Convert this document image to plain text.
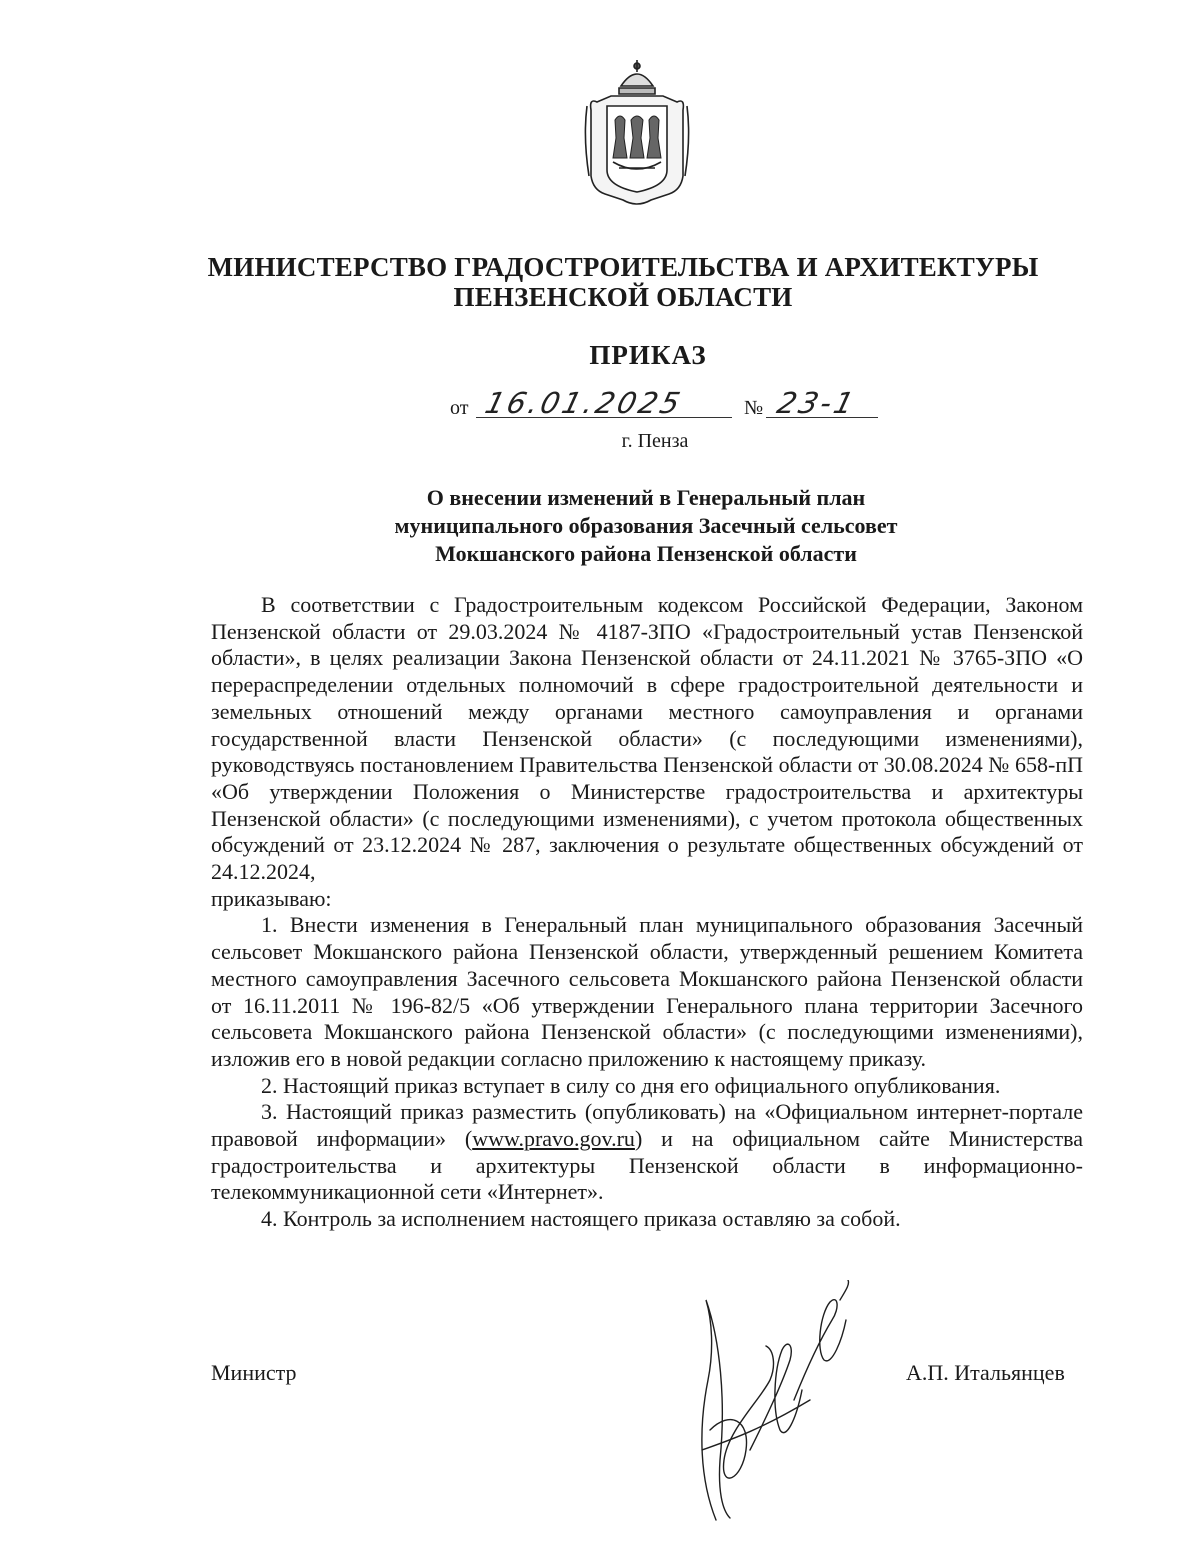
МИНИСТЕРСТВО ГРАДОСТРОИТЕЛЬСТВА И АРХИТЕКТУРЫ
ПЕНЗЕНСКОЙ ОБЛАСТИ
ПРИКАЗ
от 16.01.2025	№ 23-1
г. Пенза
О внесении изменений в Генеральный план
муниципального образования Засечный сельсовет
Мокшанского района Пензенской области

В соответствии с Градостроительным кодексом Российской Федерации, Законом Пензенской области от 29.03.2024 № 4187-ЗПО «Градостроительный устав Пензенской области», в целях реализации Закона Пензенской области от 24.11.2021 № 3765-ЗПО «О перераспределении отдельных полномочий в сфере градостроительной деятельности и земельных отношений между органами местного самоуправления и органами государственной власти Пензенской области» (с последующими изменениями), руководствуясь постановлением Правительства Пензенской области от 30.08.2024 № 658-пП «Об утверждении Положения о Министерстве градостроительства и архитектуры Пензенской области» (с последующими изменениями), с учетом протокола общественных обсуждений от 23.12.2024 № 287, заключения о результате общественных обсуждений от 24.12.2024,

приказываю:

1. Внести изменения в Генеральный план муниципального образования Засечный сельсовет Мокшанского района Пензенской области, утвержденный решением Комитета местного самоуправления Засечного сельсовета Мокшанского района Пензенской области от 16.11.2011 № 196-82/5 «Об утверждении Генерального плана территории Засечного сельсовета Мокшанского района Пензенской области» (с последующими изменениями), изложив его в новой редакции согласно приложению к настоящему приказу.

2. Настоящий приказ вступает в силу со дня его официального опубликования.

3. Настоящий приказ разместить (опубликовать) на «Официальном интернет-портале правовой информации» (www.pravo.gov.ru) и на официальном сайте Министерства градостроительства и архитектуры Пензенской области в информационно-телекоммуникационной сети «Интернет».

4. Контроль за исполнением настоящего приказа оставляю за собой.

Министр	А.П. Итальянцев
